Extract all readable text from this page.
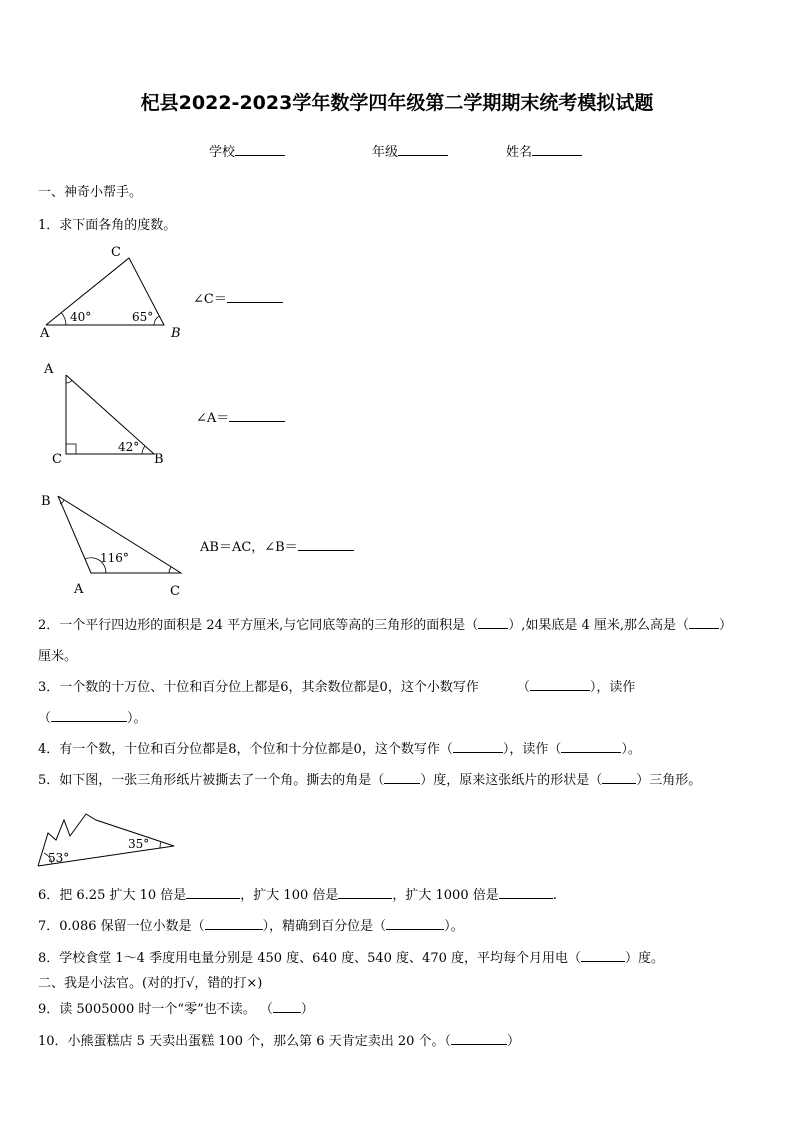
杞县2022-2023学年数学四年级第二学期期末统考模拟试题
学校	年级	姓名
一、神奇小帮手。
1．求下面各角的度数。
A	B
C
40°	65°
∠C＝
A
C	B
42°
∠A＝
B
A	C
116°
AB＝AC，∠B＝
2．一个平行四边形的面积是 24 平方厘米,与它同底等高的三角形的面积是（ ）,如果底是 4 厘米,那么高是（ ）
厘米。
3．一个数的十万位、十位和百分位上都是6，其余数位都是0，这个小数写作	（	），读作
（	）。
4．有一个数，十位和百分位都是8，个位和十分位都是0，这个数写作（	），读作（	）。
5．如下图，一张三角形纸片被撕去了一个角。撕去的角是（	）度，原来这张纸片的形状是（	）三角形。
53°
35°
6．把 6.25 扩大 10 倍是	，扩大 100 倍是	，扩大 1000 倍是	.
7．0.086 保留一位小数是（	），精确到百分位是（	）。
8．学校食堂 1～4 季度用电量分别是 450 度、640 度、540 度、470 度，平均每个月用电（	）度。
二、我是小法官。(对的打√，错的打×)
9．读 5005000 时一个“零”也不读。 （ ）
10．小熊蛋糕店 5 天卖出蛋糕 100 个，那么第 6 天肯定卖出 20 个。（	）
